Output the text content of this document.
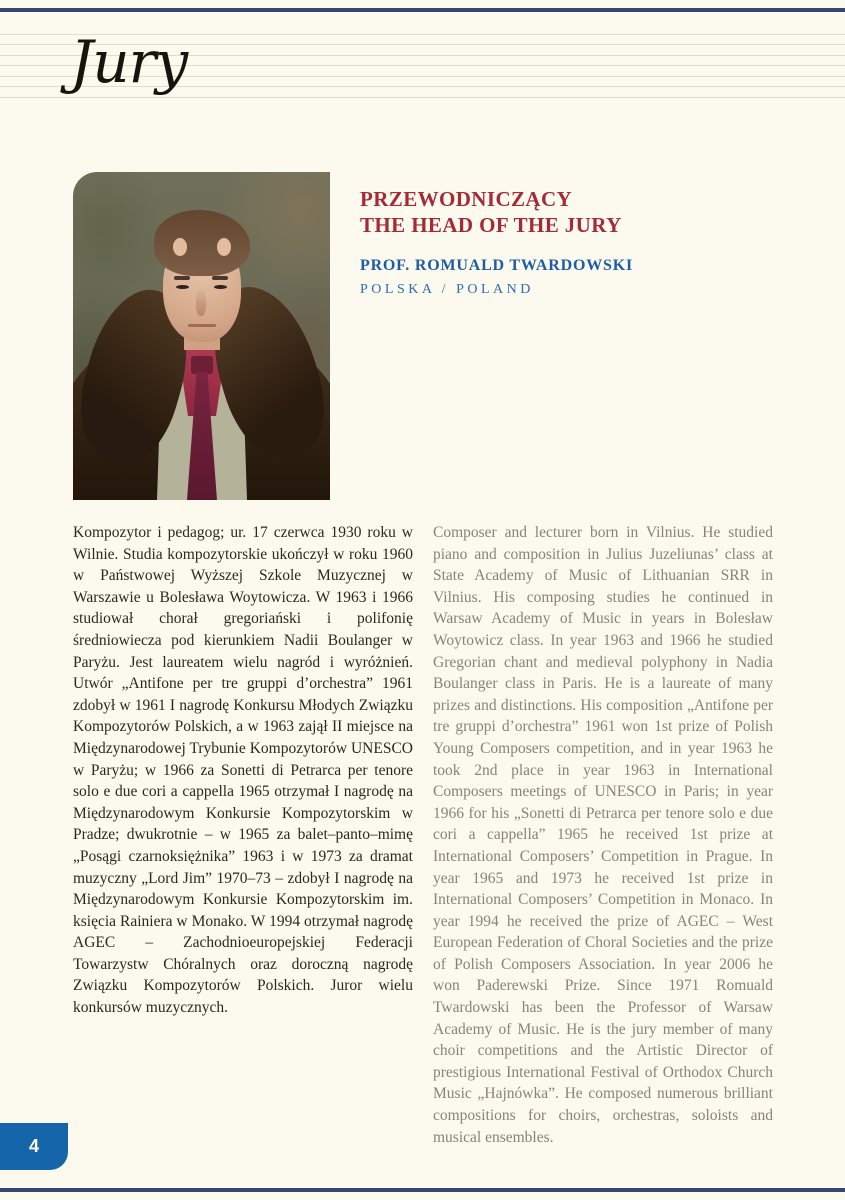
Jury
PRZEWODNICZĄCY
THE HEAD OF THE JURY
PROF. ROMUALD TWARDOWSKI
POLSKA / POLAND

Kompozytor i pedagog; ur. 17 czerwca 1930 roku w Wilnie. Studia kompozytorskie ukończył w roku 1960 w Państwowej Wyższej Szkole Muzycznej w Warszawie u Bolesława Woytowicza. W 1963 i 1966 studiował chorał gregoriański i polifonię średniowiecza pod kierunkiem Nadii Boulanger w Paryżu. Jest laureatem wielu nagród i wyróżnień. Utwór „Antifone per tre gruppi d’orchestra” 1961 zdobył w 1961 I nagrodę Konkursu Młodych Związku Kompozytorów Polskich, a w 1963 zajął II miejsce na Międzynarodowej Trybunie Kompozytorów UNESCO w Paryżu; w 1966 za Sonetti di Petrarca per tenore solo e due cori a cappella 1965 otrzymał I nagrodę na Międzynarodowym Konkursie Kompozytorskim w Pradze; dwukrotnie – w 1965 za balet–panto–mimę „Posągi czarnoksiężnika” 1963 i w 1973 za dramat muzyczny „Lord Jim” 1970–73 – zdobył I nagrodę na Międzynarodowym Konkursie Kompozytorskim im. księcia Rainiera w Monako. W 1994 otrzymał nagrodę AGEC – Zachodnioeuropejskiej Federacji Towarzystw Chóralnych oraz doroczną nagrodę Związku Kompozytorów Polskich. Juror wielu konkursów muzycznych.

Composer and lecturer born in Vilnius. He studied piano and composition in Julius Juzeliunas’ class at State Academy of Music of Lithuanian SRR in Vilnius. His composing studies he continued in Warsaw Academy of Music in years in Bolesław Woytowicz class. In year 1963 and 1966 he studied Gregorian chant and medieval polyphony in Nadia Boulanger class in Paris. He is a laureate of many prizes and distinctions. His composition „Antifone per tre gruppi d’orchestra” 1961 won 1st prize of Polish Young Composers competition, and in year 1963 he took 2nd place in year 1963 in International Composers meetings of UNESCO in Paris; in year 1966 for his „Sonetti di Petrarca per tenore solo e due cori a cappella” 1965 he received 1st prize at International Composers’ Competition in Prague. In year 1965 and 1973 he received 1st prize in International Composers’ Competition in Monaco. In year 1994 he received the prize of AGEC – West European Federation of Choral Societies and the prize of Polish Composers Association. In year 2006 he won Paderewski Prize. Since 1971 Romuald Twardowski has been the Professor of Warsaw Academy of Music. He is the jury member of many choir competitions and the Artistic Director of prestigious International Festival of Orthodox Church Music „Hajnówka”. He composed numerous brilliant compositions for choirs, orchestras, soloists and musical ensembles.

4
